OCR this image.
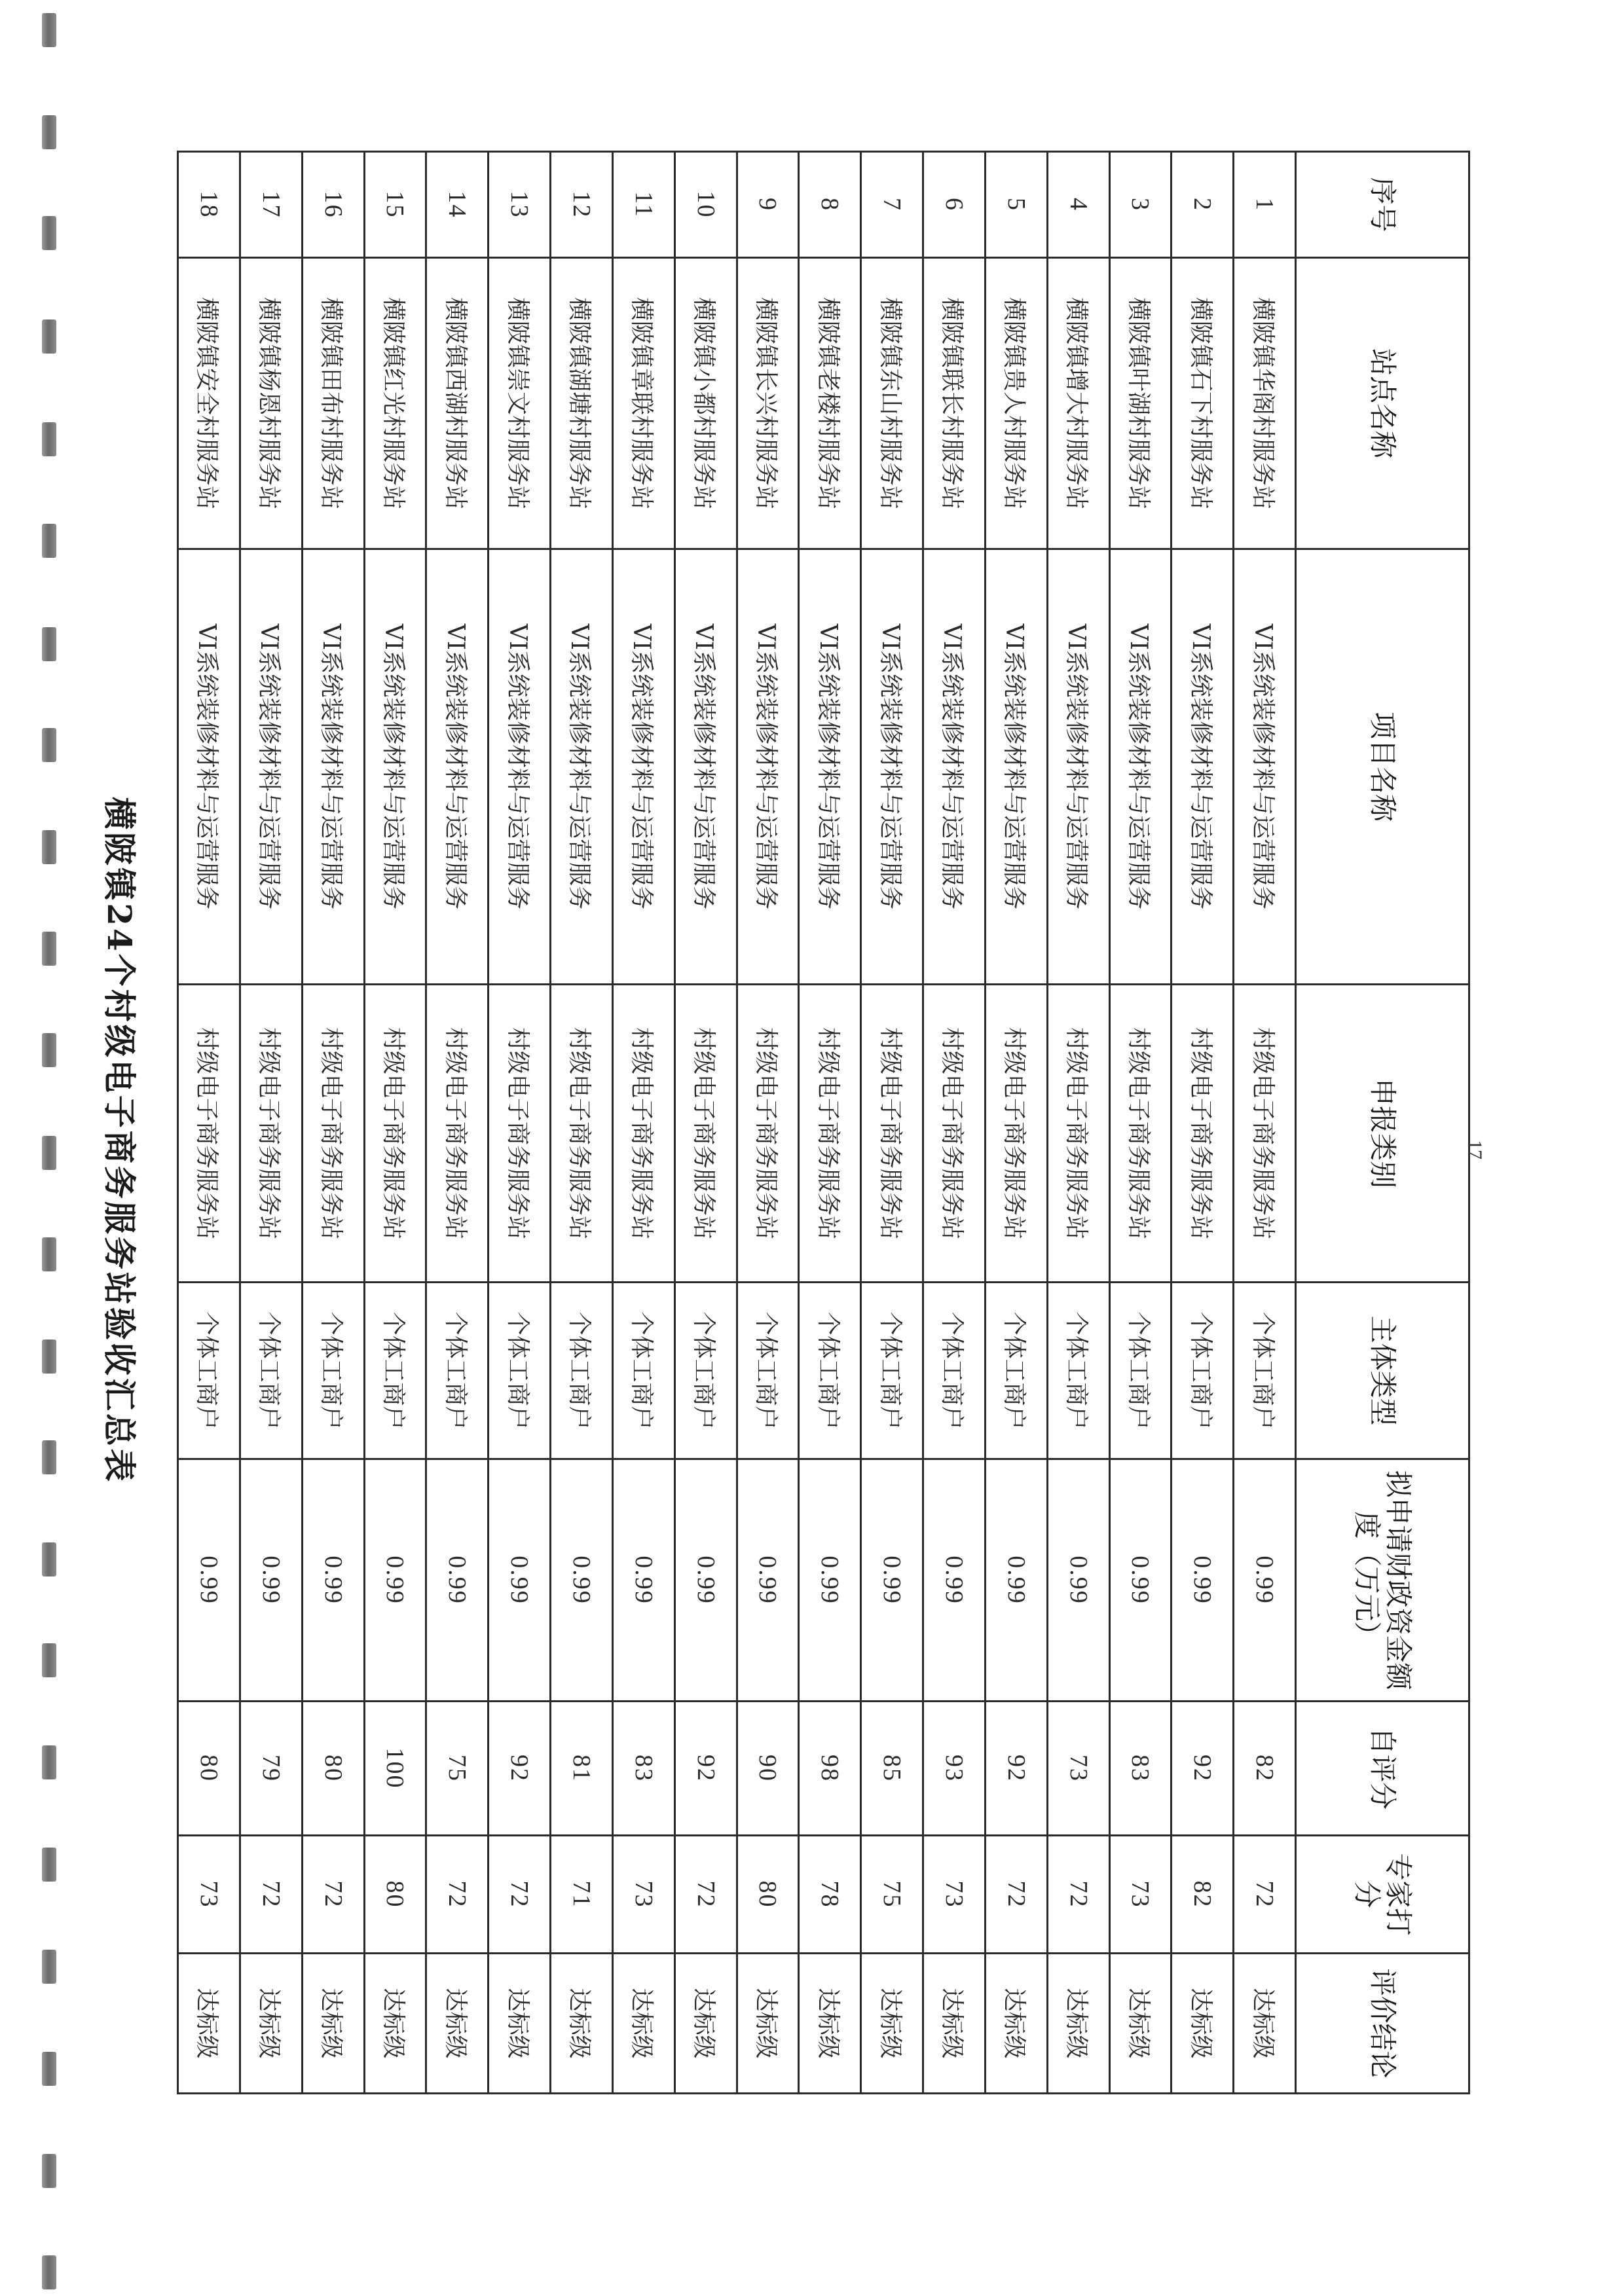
横陂镇24个村级电子商务服务站验收汇总表
序号	站点名称	项目名称	申报类别	主体类型	拟申请财政资金额度（万元）	自评分	专家打分	评价结论
1	横陂镇华阁村服务站	VI系统装修材料与运营服务	村级电子商务服务站	个体工商户	0.99	82	72	达标级
2	横陂镇石下村服务站	VI系统装修材料与运营服务	村级电子商务服务站	个体工商户	0.99	92	82	达标级
3	横陂镇叶湖村服务站	VI系统装修材料与运营服务	村级电子商务服务站	个体工商户	0.99	83	73	达标级
4	横陂镇增大村服务站	VI系统装修材料与运营服务	村级电子商务服务站	个体工商户	0.99	73	72	达标级
5	横陂镇贵人村服务站	VI系统装修材料与运营服务	村级电子商务服务站	个体工商户	0.99	92	72	达标级
6	横陂镇联长村服务站	VI系统装修材料与运营服务	村级电子商务服务站	个体工商户	0.99	93	73	达标级
7	横陂镇东山村服务站	VI系统装修材料与运营服务	村级电子商务服务站	个体工商户	0.99	85	75	达标级
8	横陂镇老楼村服务站	VI系统装修材料与运营服务	村级电子商务服务站	个体工商户	0.99	98	78	达标级
9	横陂镇长兴村服务站	VI系统装修材料与运营服务	村级电子商务服务站	个体工商户	0.99	90	80	达标级
10	横陂镇小都村服务站	VI系统装修材料与运营服务	村级电子商务服务站	个体工商户	0.99	92	72	达标级
11	横陂镇章联村服务站	VI系统装修材料与运营服务	村级电子商务服务站	个体工商户	0.99	83	73	达标级
12	横陂镇湖塘村服务站	VI系统装修材料与运营服务	村级电子商务服务站	个体工商户	0.99	81	71	达标级
13	横陂镇崇文村服务站	VI系统装修材料与运营服务	村级电子商务服务站	个体工商户	0.99	92	72	达标级
14	横陂镇西湖村服务站	VI系统装修材料与运营服务	村级电子商务服务站	个体工商户	0.99	75	72	达标级
15	横陂镇红光村服务站	VI系统装修材料与运营服务	村级电子商务服务站	个体工商户	0.99	100	80	达标级
16	横陂镇田布村服务站	VI系统装修材料与运营服务	村级电子商务服务站	个体工商户	0.99	80	72	达标级
17	横陂镇杨恩村服务站	VI系统装修材料与运营服务	村级电子商务服务站	个体工商户	0.99	79	72	达标级
18	横陂镇安全村服务站	VI系统装修材料与运营服务	村级电子商务服务站	个体工商户	0.99	80	73	达标级
17
